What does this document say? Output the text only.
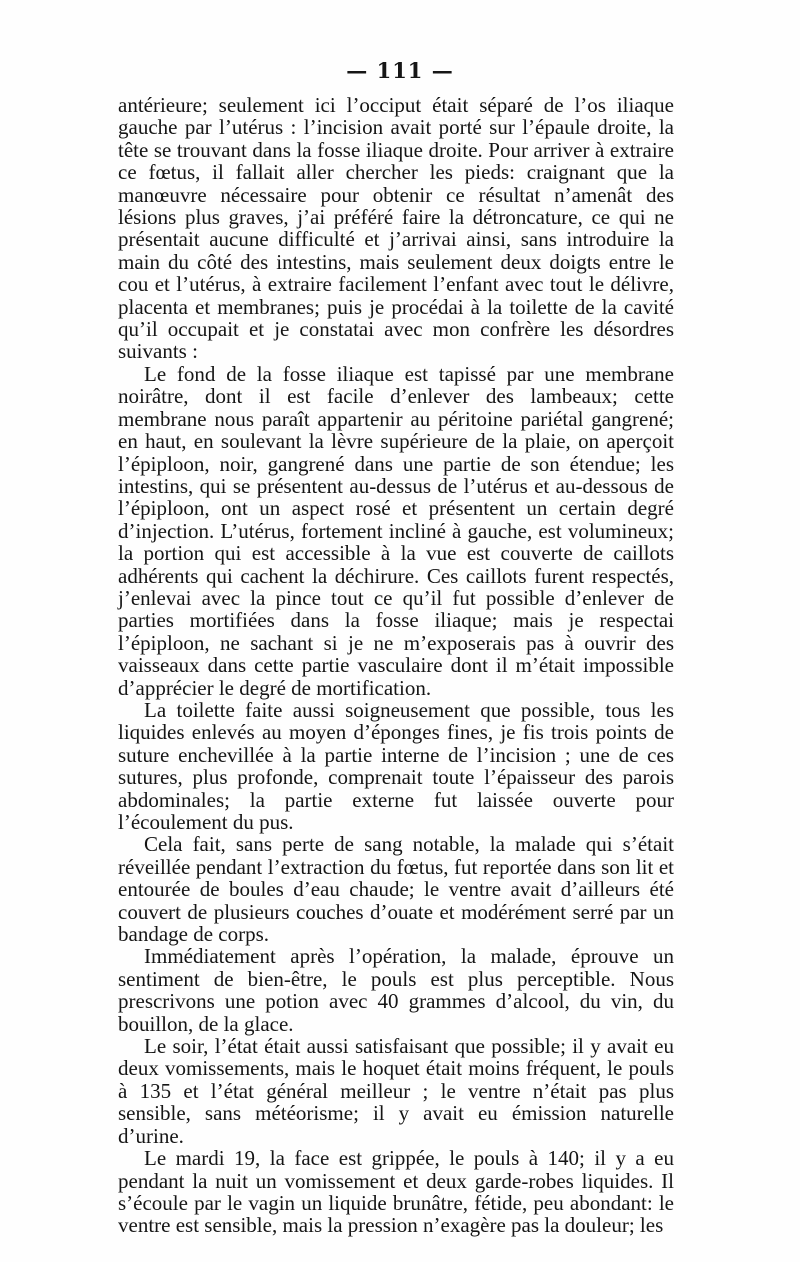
— 111 —

antérieure; seulement ici l’occiput était séparé de l’os iliaque gauche par l’utérus : l’incision avait porté sur l’épaule droite, la tête se trouvant dans la fosse iliaque droite. Pour arriver à extraire ce fœtus, il fallait aller chercher les pieds: craignant que la manœuvre nécessaire pour obtenir ce résultat n’amenât des lésions plus graves, j’ai préféré faire la détroncature, ce qui ne présentait aucune difficulté et j’arrivai ainsi, sans introduire la main du côté des intestins, mais seulement deux doigts entre le cou et l’utérus, à extraire facilement l’enfant avec tout le délivre, placenta et membranes; puis je procédai à la toilette de la cavité qu’il occupait et je constatai avec mon confrère les désordres suivants :

Le fond de la fosse iliaque est tapissé par une membrane noirâtre, dont il est facile d’enlever des lambeaux; cette membrane nous paraît appartenir au péritoine pariétal gangrené; en haut, en soulevant la lèvre supérieure de la plaie, on aperçoit l’épiploon, noir, gangrené dans une partie de son étendue; les intestins, qui se présentent au-dessus de l’utérus et au-dessous de l’épiploon, ont un aspect rosé et présentent un certain degré d’injection. L’utérus, fortement incliné à gauche, est volumineux; la portion qui est accessible à la vue est couverte de caillots adhérents qui cachent la déchirure. Ces caillots furent respectés, j’enlevai avec la pince tout ce qu’il fut possible d’enlever de parties mortifiées dans la fosse iliaque; mais je respectai l’épiploon, ne sachant si je ne m’exposerais pas à ouvrir des vaisseaux dans cette partie vasculaire dont il m’était impossible d’apprécier le degré de mortification.

La toilette faite aussi soigneusement que possible, tous les liquides enlevés au moyen d’éponges fines, je fis trois points de suture enchevillée à la partie interne de l’incision ; une de ces sutures, plus profonde, comprenait toute l’épaisseur des parois abdominales; la partie externe fut laissée ouverte pour l’écoulement du pus.

Cela fait, sans perte de sang notable, la malade qui s’était réveillée pendant l’extraction du fœtus, fut reportée dans son lit et entourée de boules d’eau chaude; le ventre avait d’ailleurs été couvert de plusieurs couches d’ouate et modérément serré par un bandage de corps.

Immédiatement après l’opération, la malade, éprouve un sentiment de bien-être, le pouls est plus perceptible. Nous prescrivons une potion avec 40 grammes d’alcool, du vin, du bouillon, de la glace.

Le soir, l’état était aussi satisfaisant que possible; il y avait eu deux vomissements, mais le hoquet était moins fréquent, le pouls à 135 et l’état général meilleur ; le ventre n’était pas plus sensible, sans météorisme; il y avait eu émission naturelle d’urine.

Le mardi 19, la face est grippée, le pouls à 140; il y a eu pendant la nuit un vomissement et deux garde-robes liquides. Il s’écoule par le vagin un liquide brunâtre, fétide, peu abondant: le ventre est sensible, mais la pression n’exagère pas la douleur; les
